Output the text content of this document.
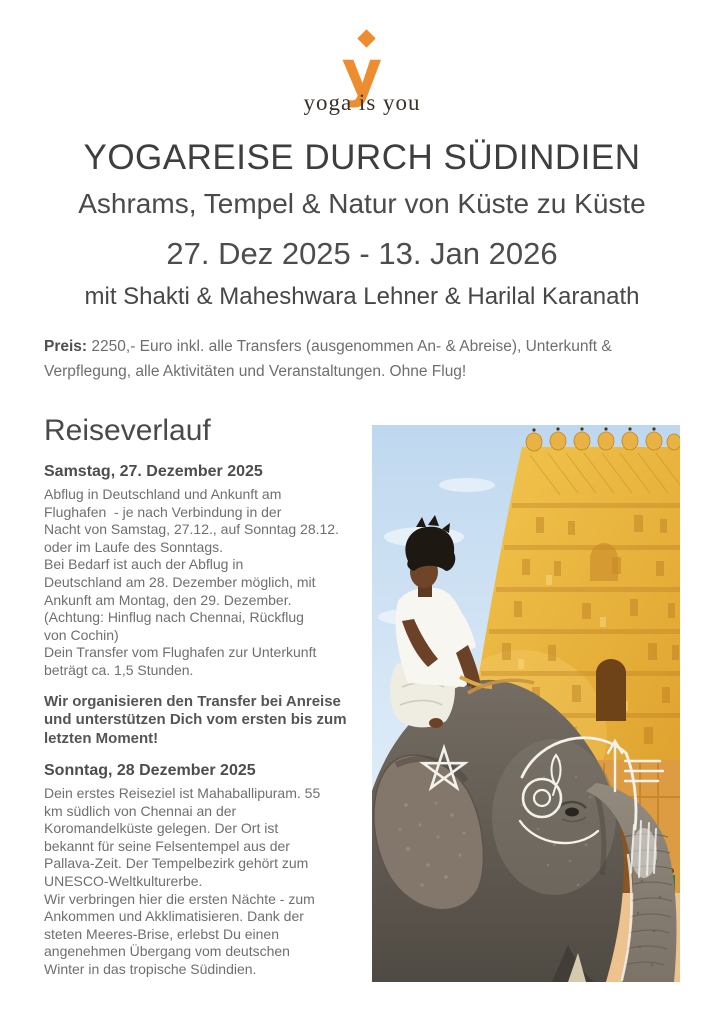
y
yoga is you
YOGAREISE DURCH SÜDINDIEN
Ashrams, Tempel & Natur von Küste zu Küste
27. Dez 2025 - 13. Jan 2026
mit Shakti & Maheshwara Lehner & Harilal Karanath

Preis: 2250,- Euro inkl. alle Transfers (ausgenommen An- & Abreise), Unterkunft &
Verpflegung, alle Aktivitäten und Veranstaltungen. Ohne Flug!

Reiseverlauf
Samstag, 27. Dezember 2025
Abflug in Deutschland und Ankunft am
Flughafen  - je nach Verbindung in der
Nacht von Samstag, 27.12., auf Sonntag 28.12.
oder im Laufe des Sonntags.
Bei Bedarf ist auch der Abflug in
Deutschland am 28. Dezember möglich, mit
Ankunft am Montag, den 29. Dezember.
(Achtung: Hinflug nach Chennai, Rückflug
von Cochin)
Dein Transfer vom Flughafen zur Unterkunft
beträgt ca. 1,5 Stunden.
Wir organisieren den Transfer bei Anreise
und unterstützen Dich vom ersten bis zum
letzten Moment!
Sonntag, 28 Dezember 2025
Dein erstes Reiseziel ist Mahaballipuram. 55
km südlich von Chennai an der
Koromandelküste gelegen. Der Ort ist
bekannt für seine Felsentempel aus der
Pallava-Zeit. Der Tempelbezirk gehört zum
UNESCO-Weltkulturerbe.
Wir verbringen hier die ersten Nächte - zum
Ankommen und Akklimatisieren. Dank der
steten Meeres-Brise, erlebst Du einen
angenehmen Übergang vom deutschen
Winter in das tropische Südindien.
